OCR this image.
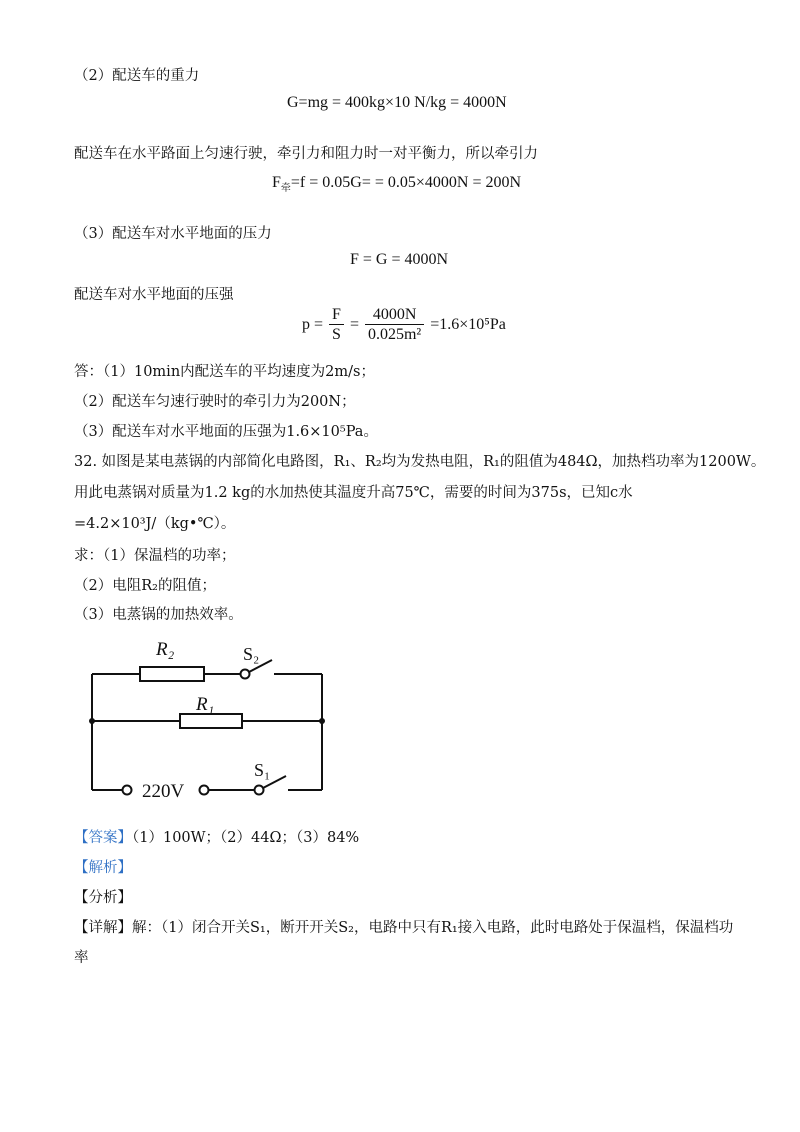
（2）配送车的重力
G=mg = 400kg×10 N/kg = 4000N
配送车在水平路面上匀速行驶，牵引力和阻力时一对平衡力，所以牵引力
$F_牵=f = 0.05G= = 0.05\times 4000N = 200N$
（3）配送车对水平地面的压力
F = G = 4000N
配送车对水平地面的压强
$p = \frac{F}{S} = \frac{4000N}{\text{0.025m²}} =1.6\times 10^5Pa$
答：（1）10min内配送车的平均速度为2m/s；
（2）配送车匀速行驶时的牵引力为200N；
（3）配送车对水平地面的压强为1.6×10⁵Pa。
32. 如图是某电蒸锅的内部简化电路图，R₁、R₂均为发热电阻，R₁的阻值为484Ω，加热档功率为1200W。
用此电蒸锅对质量为1.2 kg的水加热使其温度升高75℃，需要的时间为375s，已知c水
=4.2×10³J/（kg•℃）。
求：（1）保温档的功率；
（2）电阻R₂的阻值；
（3）电蒸锅的加热效率。
R₂	S₂
R₁
220V
S₁
【答案】（1）100W；（2）44Ω；（3）84%
【解析】
【分析】
【详解】解：（1）闭合开关S₁，断开开关S₂，电路中只有R₁接入电路，此时电路处于保温档，保温档功
率
